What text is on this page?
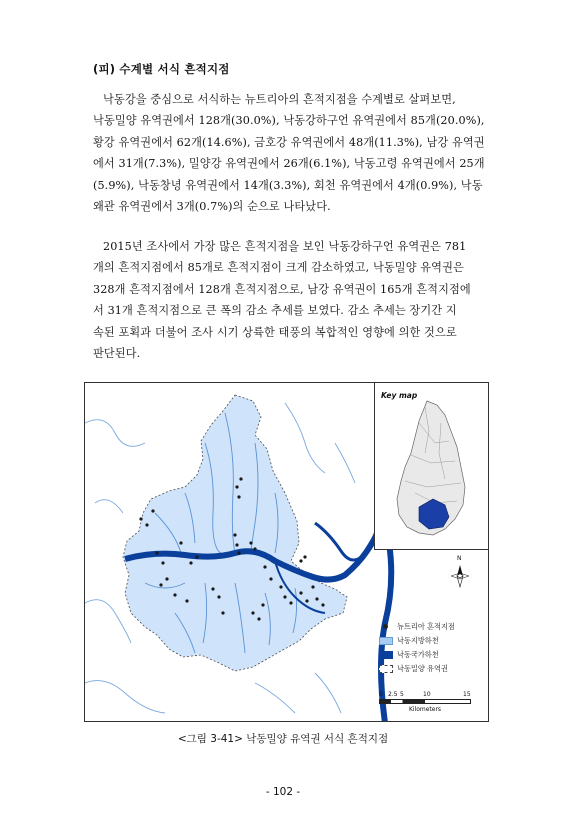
(피) 수계별 서식 흔적지점
낙동강을 중심으로 서식하는 뉴트리아의 흔적지점을 수계별로 살펴보면,
낙동밀양 유역권에서 128개(30.0%), 낙동강하구언 유역권에서 85개(20.0%),
황강 유역권에서 62개(14.6%), 금호강 유역권에서 48개(11.3%), 남강 유역권
에서 31개(7.3%), 밀양강 유역권에서 26개(6.1%), 낙동고령 유역권에서 25개
(5.9%), 낙동창녕 유역권에서 14개(3.3%), 회천 유역권에서 4개(0.9%), 낙동
왜관 유역권에서 3개(0.7%)의 순으로 나타났다.
2015년 조사에서 가장 많은 흔적지점을 보인 낙동강하구언 유역권은 781
개의 흔적지점에서 85개로 흔적지점이 크게 감소하였고, 낙동밀양 유역권은
328개 흔적지점에서 128개 흔적지점으로, 남강 유역권이 165개 흔적지점에
서 31개 흔적지점으로 큰 폭의 감소 추세를 보였다. 감소 추세는 장기간 지
속된 포획과 더불어 조사 시기 상륙한 태풍의 복합적인 영향에 의한 것으로
판단된다.
Key map
N
뉴트리아 흔적지점
낙동지방하천
낙동국가하천
낙동밀양 유역권
0 2.5 5	10	15
Kilometers
<그림 3-41> 낙동밀양 유역권 서식 흔적지점
- 102 -
